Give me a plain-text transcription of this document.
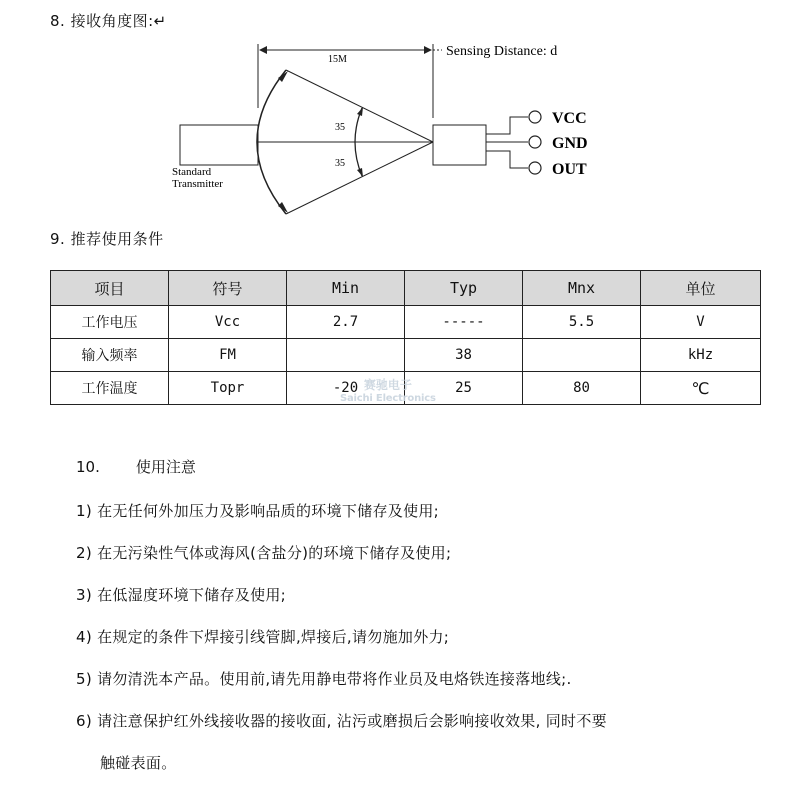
8. 接收角度图:↵
15M
Sensing Distance: d
Standard
Transmitter
35
35
VCC
GND
OUT
9. 推荐使用条件
项目	符号	Min	Typ	Mnx	单位
工作电压	Vcc	2.7	-----	5.5	V
输入频率	FM		38		kHz
工作温度	Topr	-20	25	80	℃
赛驰电子
Saichi Electronics
10. 使用注意
1) 在无任何外加压力及影响品质的环境下储存及使用;
2) 在无污染性气体或海风(含盐分)的环境下储存及使用;
3) 在低湿度环境下储存及使用;
4) 在规定的条件下焊接引线管脚,焊接后,请勿施加外力;
5) 请勿清洗本产品。使用前,请先用静电带将作业员及电烙铁连接落地线;.
6) 请注意保护红外线接收器的接收面, 沾污或磨损后会影响接收效果, 同时不要
触碰表面。
